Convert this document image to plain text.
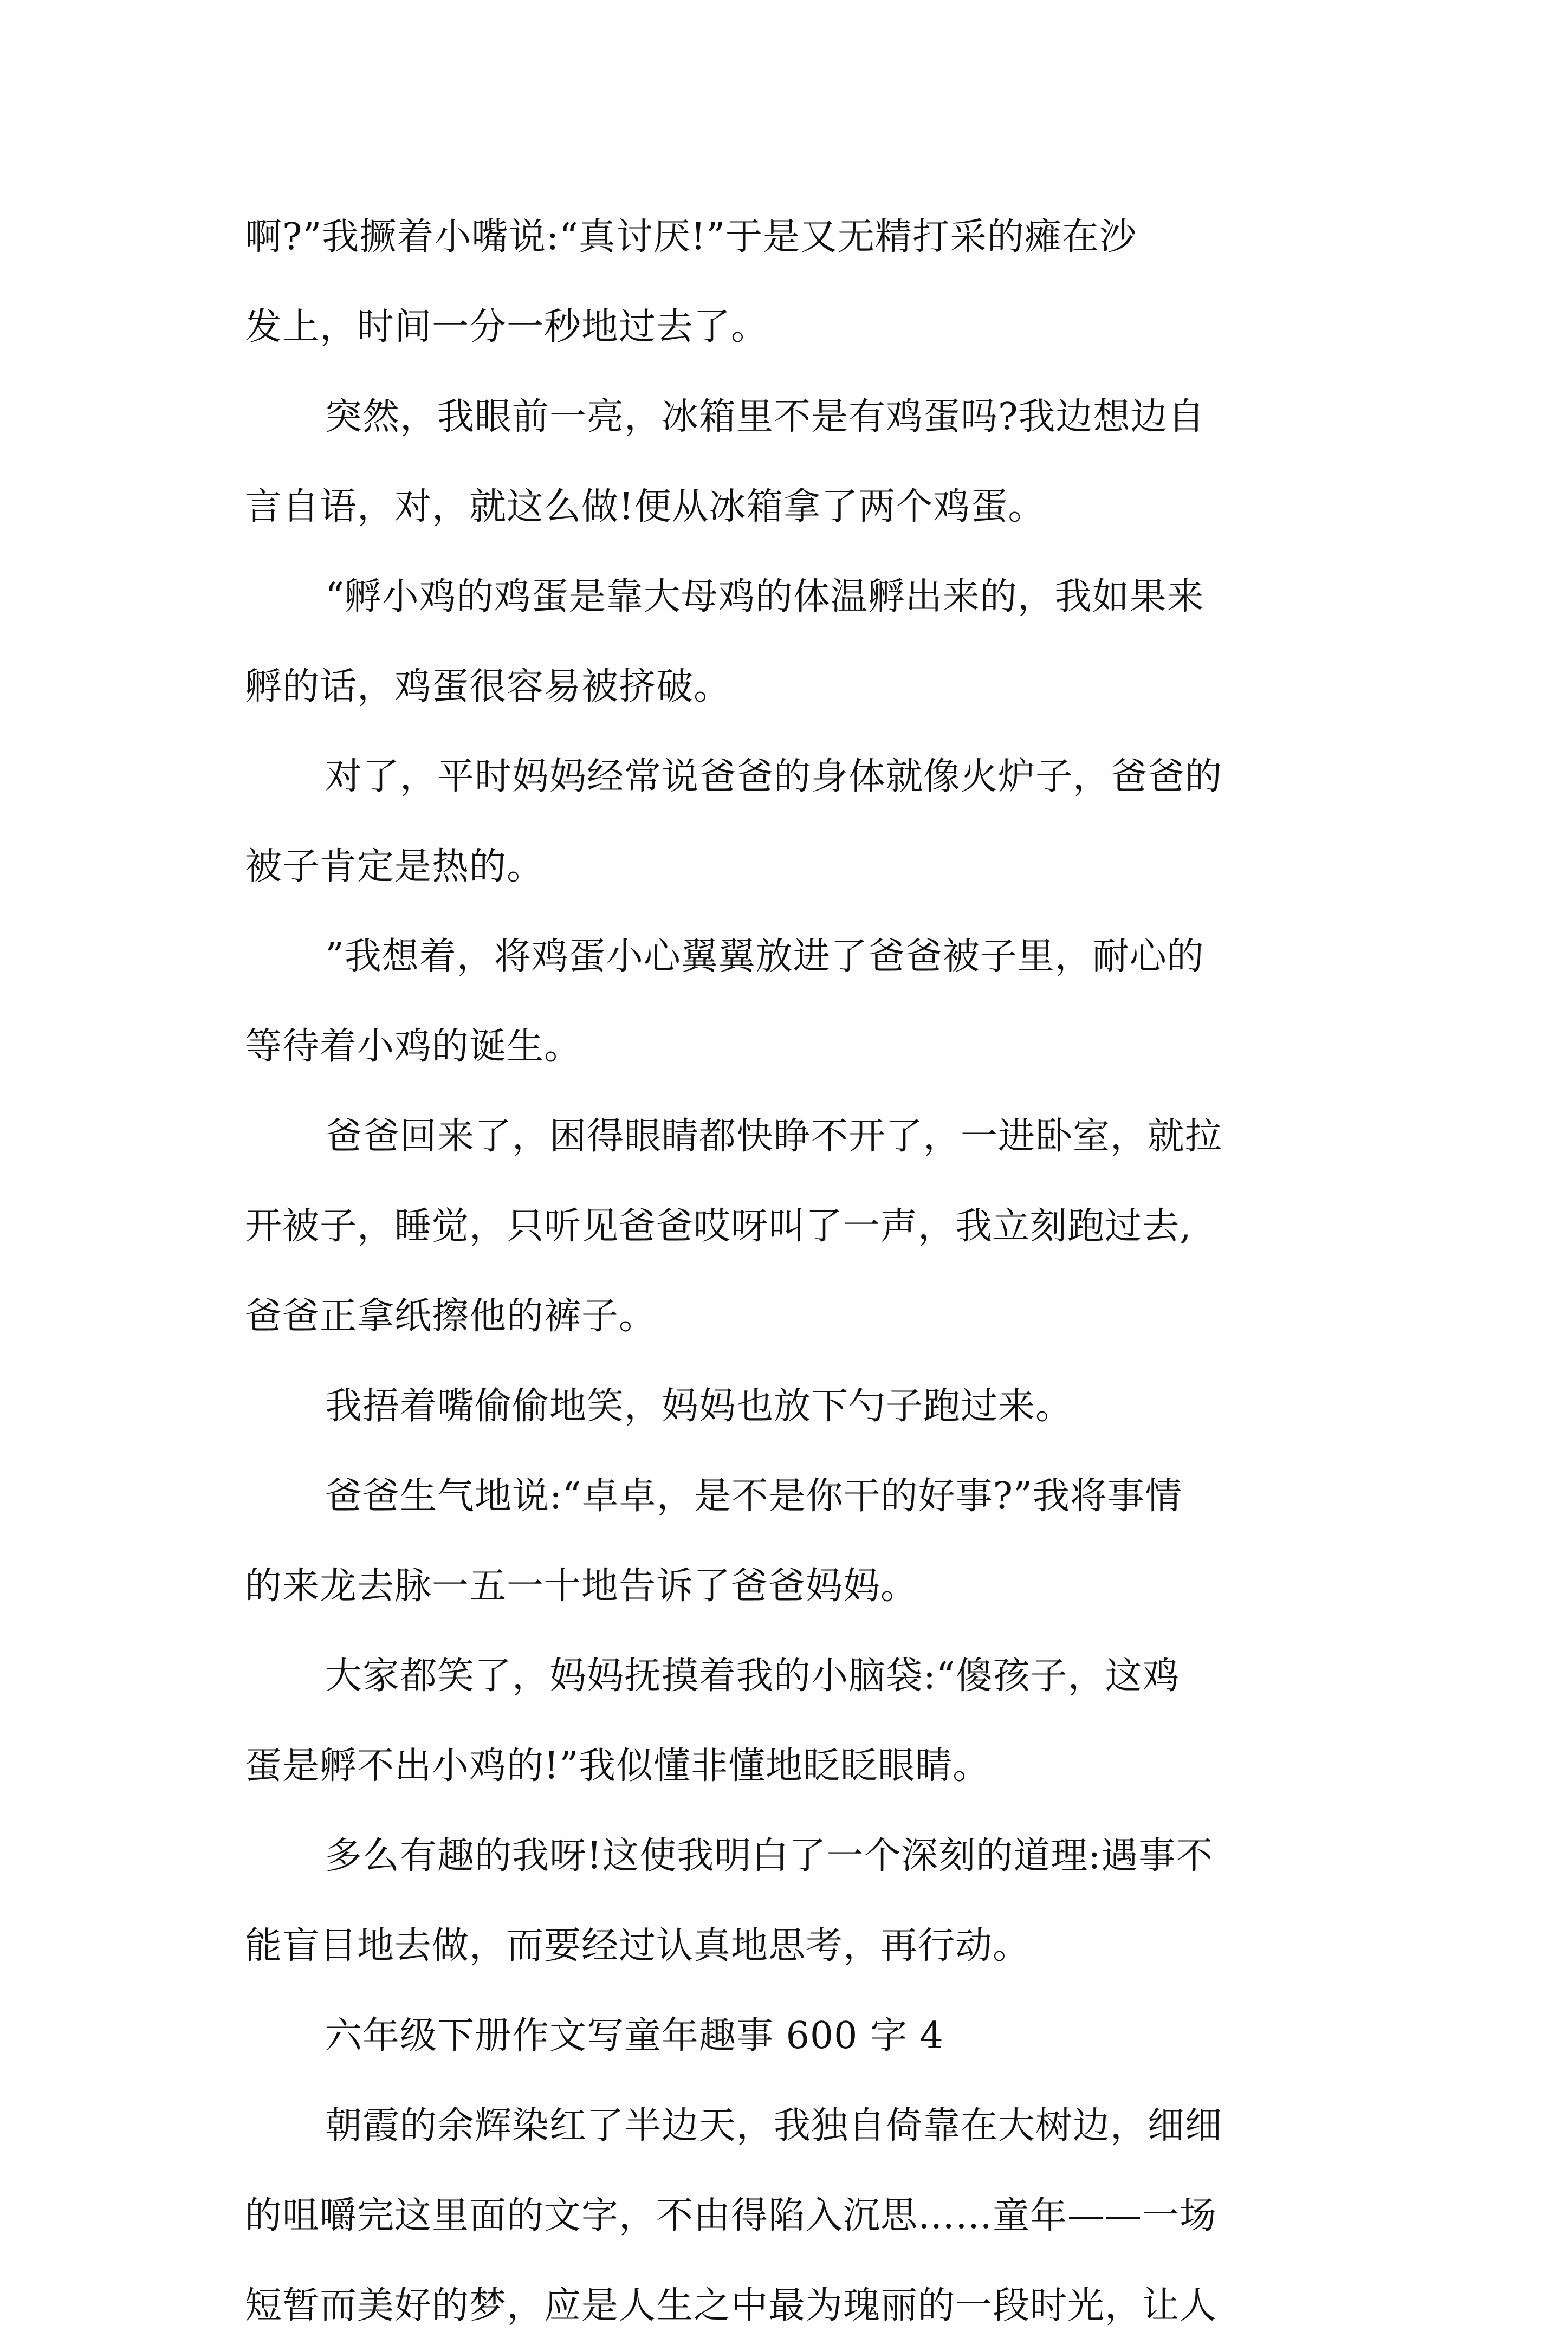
啊?”我撅着小嘴说:“真讨厌!”于是又无精打采的瘫在沙
发上，时间一分一秒地过去了。
突然，我眼前一亮，冰箱里不是有鸡蛋吗?我边想边自
言自语，对，就这么做!便从冰箱拿了两个鸡蛋。
“孵小鸡的鸡蛋是靠大母鸡的体温孵出来的，我如果来
孵的话，鸡蛋很容易被挤破。
对了，平时妈妈经常说爸爸的身体就像火炉子，爸爸的
被子肯定是热的。
”我想着，将鸡蛋小心翼翼放进了爸爸被子里，耐心的
等待着小鸡的诞生。
爸爸回来了，困得眼睛都快睁不开了，一进卧室，就拉
开被子，睡觉，只听见爸爸哎呀叫了一声，我立刻跑过去,
爸爸正拿纸擦他的裤子。
我捂着嘴偷偷地笑，妈妈也放下勺子跑过来。
爸爸生气地说:“卓卓，是不是你干的好事?”我将事情
的来龙去脉一五一十地告诉了爸爸妈妈。
大家都笑了，妈妈抚摸着我的小脑袋:“傻孩子，这鸡
蛋是孵不出小鸡的!”我似懂非懂地眨眨眼睛。
多么有趣的我呀!这使我明白了一个深刻的道理:遇事不
能盲目地去做，而要经过认真地思考，再行动。
六年级下册作文写童年趣事 600 字 4
朝霞的余辉染红了半边天，我独自倚靠在大树边，细细
的咀嚼完这里面的文字，不由得陷入沉思……童年——一场
短暂而美好的梦，应是人生之中最为瑰丽的一段时光，让人
